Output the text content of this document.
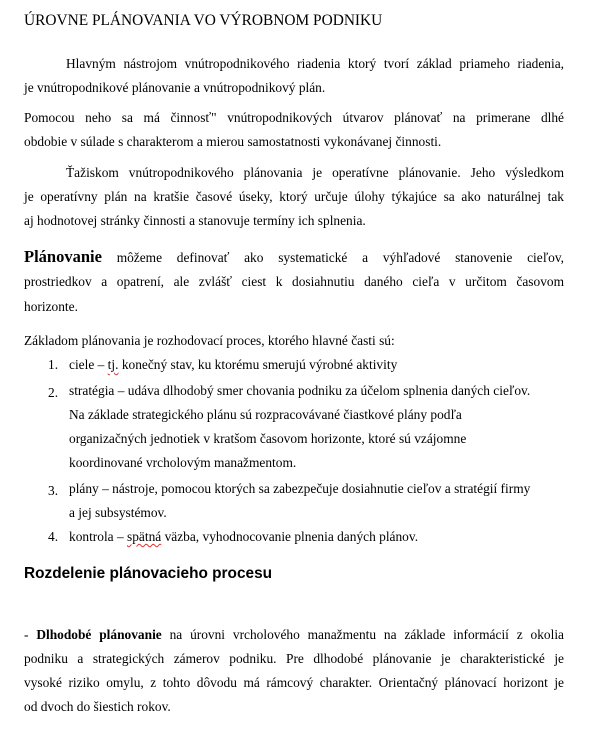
ÚROVNE PLÁNOVANIA VO VÝROBNOM PODNIKU

Hlavným nástrojom vnútropodnikového riadenia ktorý tvorí základ priameho riadenia,
je vnútropodnikové plánovanie a vnútropodnikový plán.

Pomocou neho sa má činnosť" vnútropodnikových útvarov plánovať na primerane dlhé
obdobie v súlade s charakterom a mierou samostatnosti vykonávanej činnosti.

Ťažiskom vnútropodnikového plánovania je operatívne plánovanie. Jeho výsledkom
je operatívny plán na kratšie časové úseky, ktorý určuje úlohy týkajúce sa ako naturálnej tak
aj hodnotovej stránky činnosti a stanovuje termíny ich splnenia.

Plánovanie môžeme definovať ako systematické a výhľadové stanovenie cieľov,
prostriedkov a opatrení, ale zvlášť ciest k dosiahnutiu daného cieľa v určitom časovom
horizonte.

Základom plánovania je rozhodovací proces, ktorého hlavné časti sú:

1. ciele – tj. konečný stav, ku ktorému smerujú výrobné aktivity
2. stratégia – udáva dlhodobý smer chovania podniku za účelom splnenia daných cieľov.
Na základe strategického plánu sú rozpracovávané čiastkové plány podľa
organizačných jednotiek v kratšom časovom horizonte, ktoré sú vzájomne
koordinované vrcholovým manažmentom.
3. plány – nástroje, pomocou ktorých sa zabezpečuje dosiahnutie cieľov a stratégií firmy
a jej subsystémov.
4. kontrola – spätná väzba, vyhodnocovanie plnenia daných plánov.
Rozdelenie plánovacieho procesu

- Dlhodobé plánovanie na úrovni vrcholového manažmentu na základe informácií z okolia
podniku a strategických zámerov podniku. Pre dlhodobé plánovanie je charakteristické je
vysoké riziko omylu, z tohto dôvodu má rámcový charakter. Orientačný plánovací horizont je
od dvoch do šiestich rokov.
